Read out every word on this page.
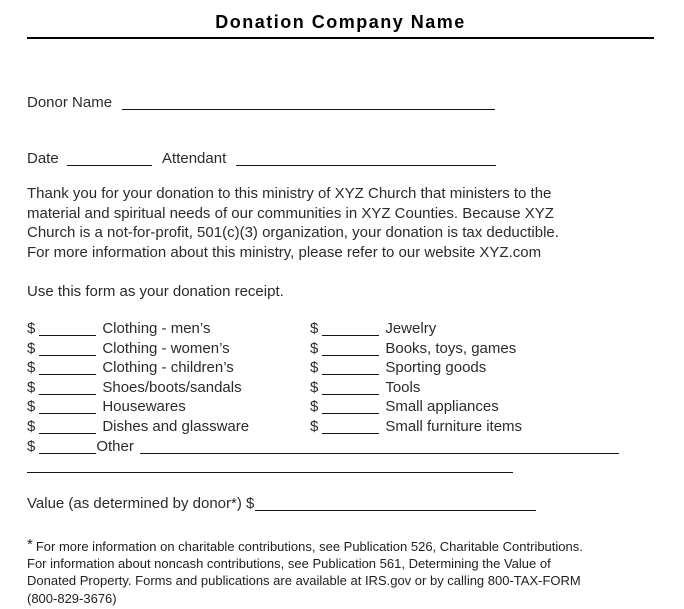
Donation Company Name
Donor Name
Date	Attendant
Thank you for your donation to this ministry of XYZ Church that ministers to the
material and spiritual needs of our communities in XYZ Counties. Because XYZ
Church is a not-for-profit, 501(c)(3) organization, your donation is tax deductible.
For more information about this ministry, please refer to our website XYZ.com
Use this form as your donation receipt.
$	Clothing - men’s	$	Jewelry
$	Clothing - women’s	$	Books, toys, games
$	Clothing - children’s	$	Sporting goods
$	Shoes/boots/sandals	$	Tools
$	Housewares	$	Small appliances
$	Dishes and glassware	$	Small furniture items
$	Other
Value (as determined by donor*) $
* For more information on charitable contributions, see Publication 526, Charitable Contributions.
For information about noncash contributions, see Publication 561, Determining the Value of
Donated Property. Forms and publications are available at IRS.gov or by calling 800-TAX-FORM
(800-829-3676)
